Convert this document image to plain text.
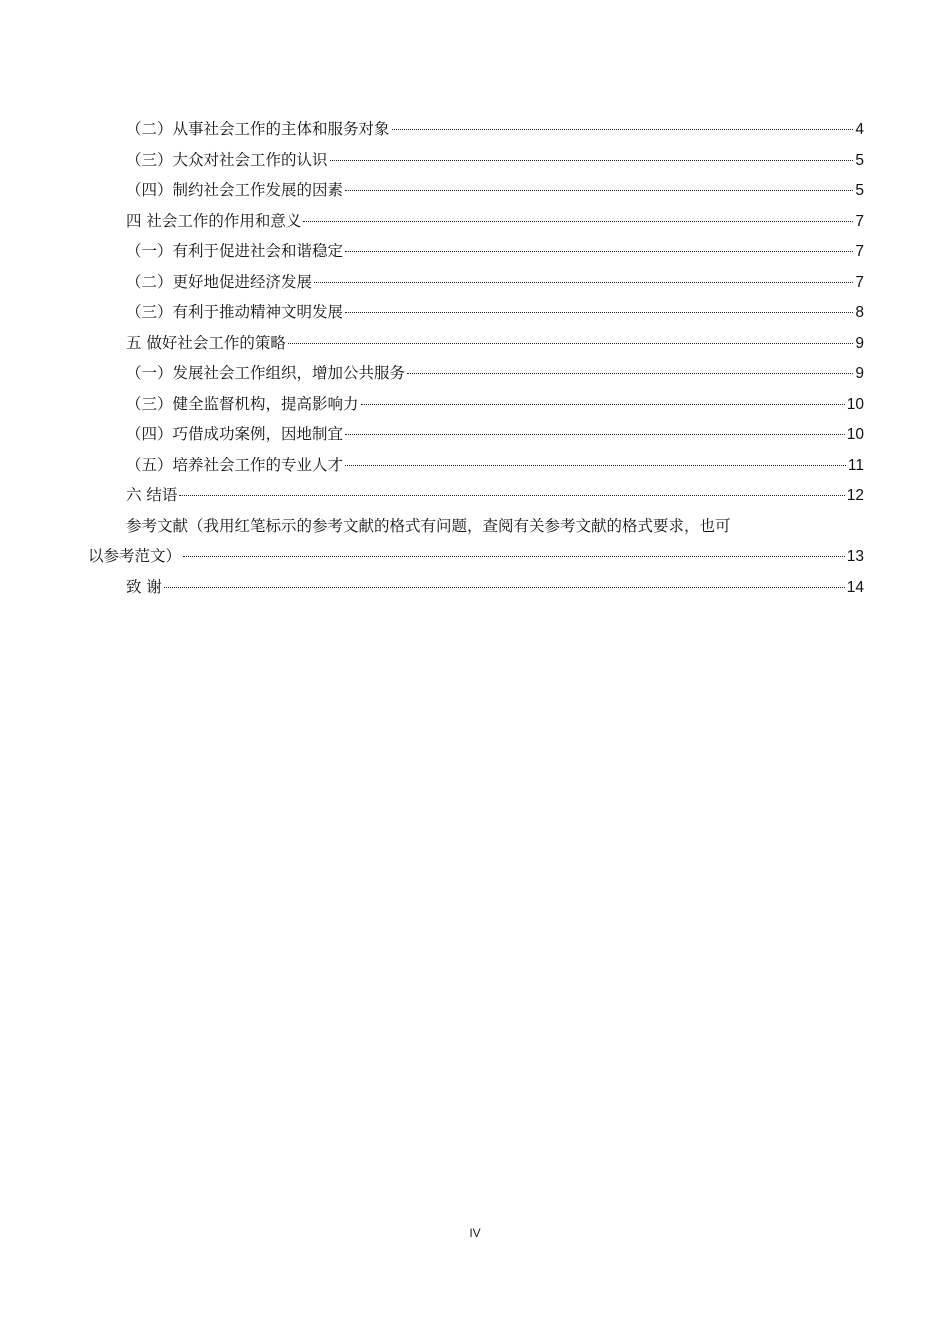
（二）从事社会工作的主体和服务对象	4
（三）大众对社会工作的认识	5
（四）制约社会工作发展的因素	5
四 社会工作的作用和意义	7
（一）有利于促进社会和谐稳定	7
（二）更好地促进经济发展	7
（三）有利于推动精神文明发展	8
五 做好社会工作的策略	9
（一）发展社会工作组织，增加公共服务	9
（三）健全监督机构，提高影响力	10
（四）巧借成功案例，因地制宜	10
（五）培养社会工作的专业人才	11
六 结语	12
参考文献（我用红笔标示的参考文献的格式有问题，查阅有关参考文献的格式要求，也可
以参考范文）	13
致 谢	14
IV
